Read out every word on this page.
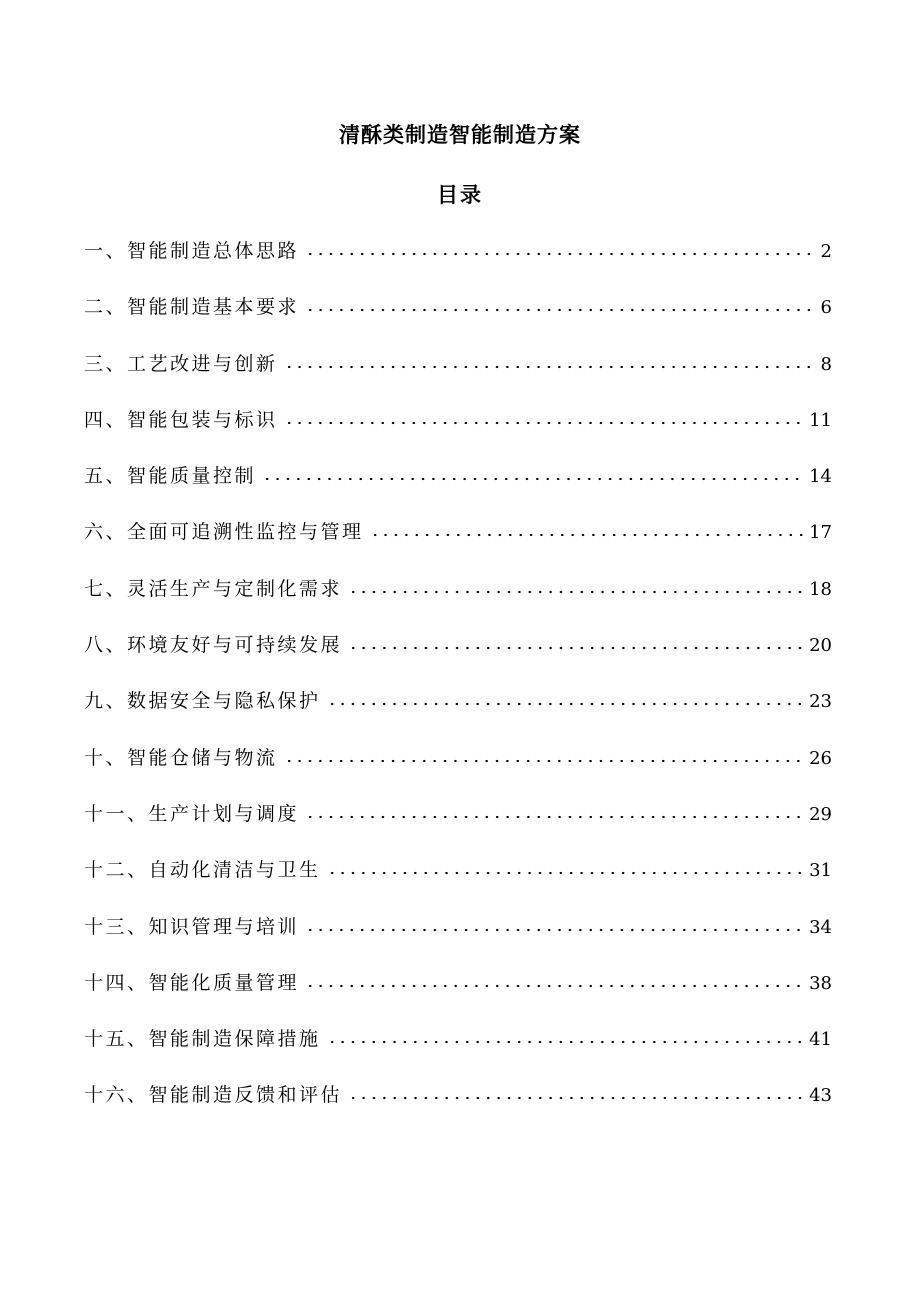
清酥类制造智能制造方案
目录
一、智能制造总体思路	2
二、智能制造基本要求	6
三、工艺改进与创新	8
四、智能包装与标识	11
五、智能质量控制	14
六、全面可追溯性监控与管理	17
七、灵活生产与定制化需求	18
八、环境友好与可持续发展	20
九、数据安全与隐私保护	23
十、智能仓储与物流	26
十一、生产计划与调度	29
十二、自动化清洁与卫生	31
十三、知识管理与培训	34
十四、智能化质量管理	38
十五、智能制造保障措施	41
十六、智能制造反馈和评估	43
